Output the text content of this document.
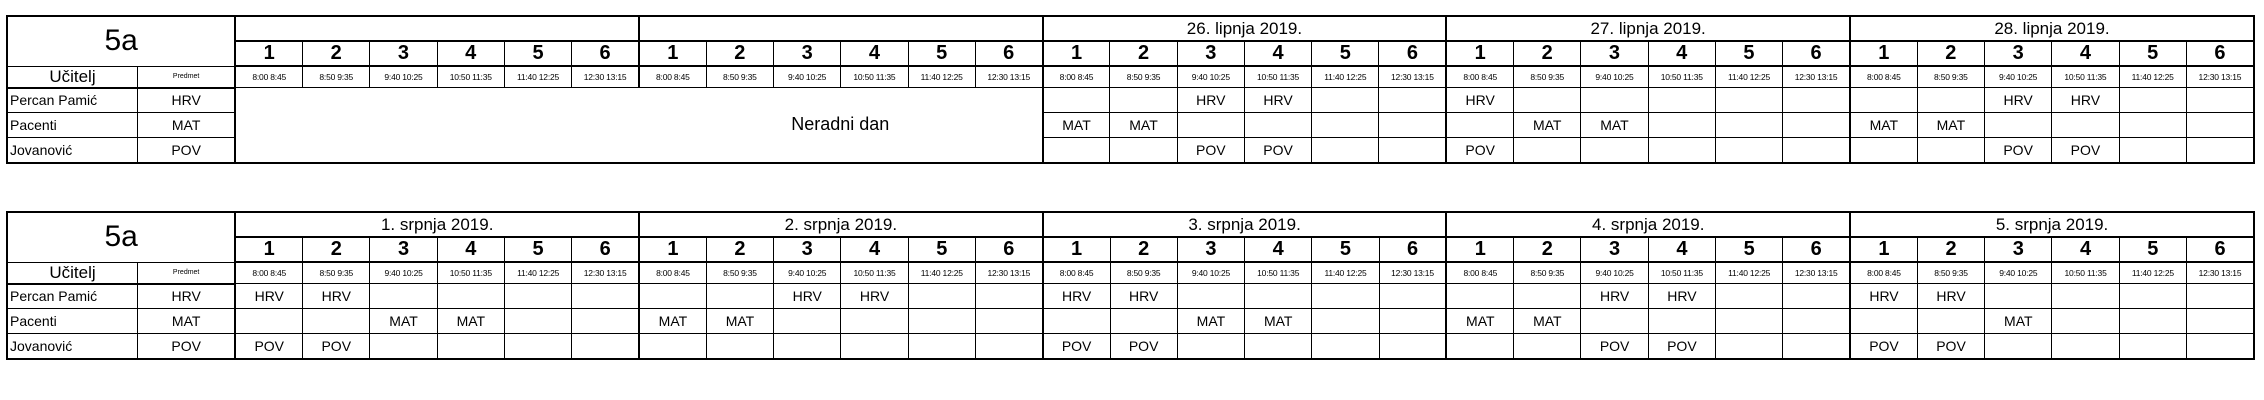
5a														26. lipnja 2019.						27. lipnja 2019.						28. lipnja 2019.					
		1	2	3	4	5	6	1	2	3	4	5	6	1	2	3	4	5	6	1	2	3	4	5	6	1	2	3	4	5	6
Učitelj	Predmet	8:00 8:45	8:50 9:35	9:40 10:25	10:50 11:35	11:40 12:25	12:30 13:15	8:00 8:45	8:50 9:35	9:40 10:25	10:50 11:35	11:40 12:25	12:30 13:15	8:00 8:45	8:50 9:35	9:40 10:25	10:50 11:35	11:40 12:25	12:30 13:15	8:00 8:45	8:50 9:35	9:40 10:25	10:50 11:35	11:40 12:25	12:30 13:15	8:00 8:45	8:50 9:35	9:40 10:25	10:50 11:35	11:40 12:25	12:30 13:15
Percan Pamić	HRV							Neradni dan								HRV	HRV			HRV								HRV	HRV		
Pacenti	MAT													MAT	MAT						MAT	MAT				MAT	MAT				
Jovanović	POV															POV	POV			POV								POV	POV		
5a		1. srpnja 2019.						2. srpnja 2019.						3. srpnja 2019.						4. srpnja 2019.						5. srpnja 2019.					
		1	2	3	4	5	6	1	2	3	4	5	6	1	2	3	4	5	6	1	2	3	4	5	6	1	2	3	4	5	6
Učitelj	Predmet	8:00 8:45	8:50 9:35	9:40 10:25	10:50 11:35	11:40 12:25	12:30 13:15	8:00 8:45	8:50 9:35	9:40 10:25	10:50 11:35	11:40 12:25	12:30 13:15	8:00 8:45	8:50 9:35	9:40 10:25	10:50 11:35	11:40 12:25	12:30 13:15	8:00 8:45	8:50 9:35	9:40 10:25	10:50 11:35	11:40 12:25	12:30 13:15	8:00 8:45	8:50 9:35	9:40 10:25	10:50 11:35	11:40 12:25	12:30 13:15
Percan Pamić	HRV	HRV	HRV							HRV	HRV			HRV	HRV							HRV	HRV			HRV	HRV				
Pacenti	MAT			MAT	MAT			MAT	MAT							MAT	MAT			MAT	MAT							MAT			
Jovanović	POV	POV	POV											POV	POV							POV	POV			POV	POV				
